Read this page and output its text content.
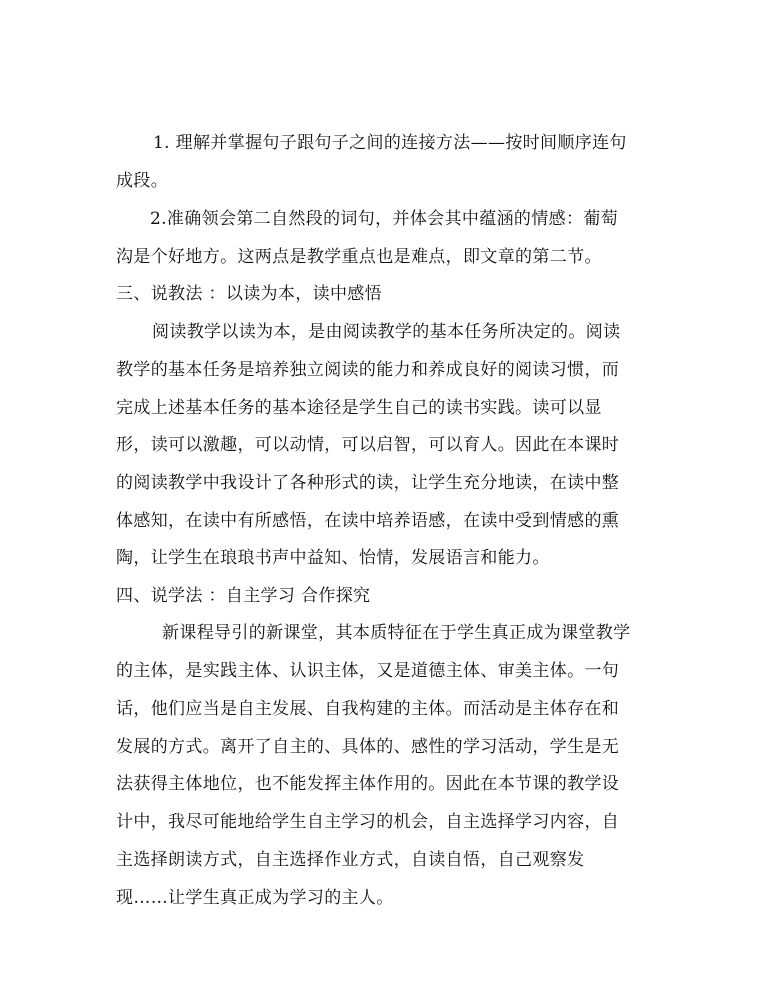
1. 理解并掌握句子跟句子之间的连接方法——按时间顺序连句
成段。
2.准确领会第二自然段的词句，并体会其中蕴涵的情感：葡萄
沟是个好地方。这两点是教学重点也是难点，即文章的第二节。
三、说教法 ：以读为本，读中感悟
阅读教学以读为本，是由阅读教学的基本任务所决定的。阅读
教学的基本任务是培养独立阅读的能力和养成良好的阅读习惯，而
完成上述基本任务的基本途径是学生自己的读书实践。读可以显
形，读可以激趣，可以动情，可以启智，可以育人。因此在本课时
的阅读教学中我设计了各种形式的读，让学生充分地读，在读中整
体感知，在读中有所感悟，在读中培养语感，在读中受到情感的熏
陶，让学生在琅琅书声中益知、怡情，发展语言和能力。
四、说学法 ：自主学习 合作探究
新课程导引的新课堂，其本质特征在于学生真正成为课堂教学
的主体，是实践主体、认识主体，又是道德主体、审美主体。一句
话，他们应当是自主发展、自我构建的主体。而活动是主体存在和
发展的方式。离开了自主的、具体的、感性的学习活动，学生是无
法获得主体地位，也不能发挥主体作用的。因此在本节课的教学设
计中，我尽可能地给学生自主学习的机会，自主选择学习内容，自
主选择朗读方式，自主选择作业方式，自读自悟，自己观察发
现……让学生真正成为学习的主人。
